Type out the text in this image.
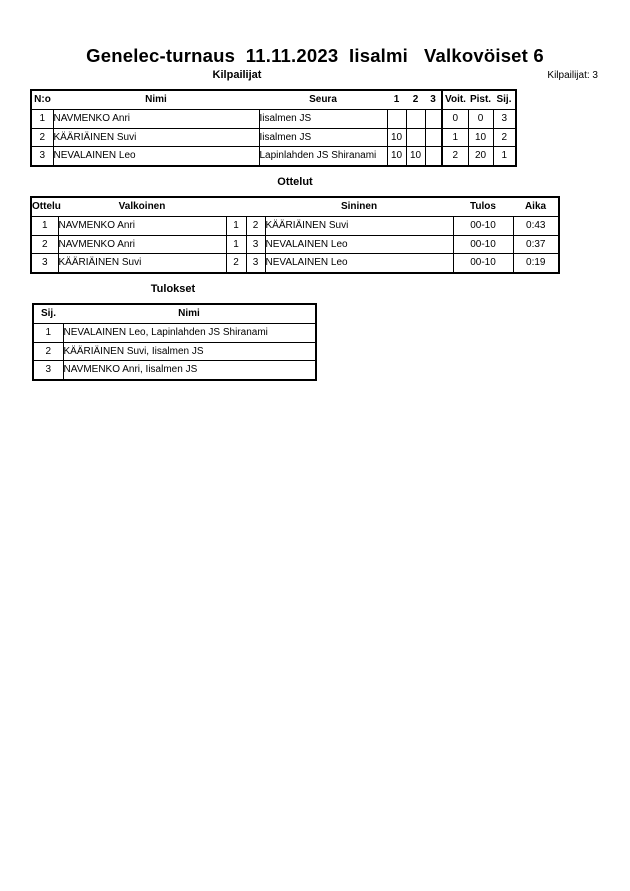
Genelec-turnaus  11.11.2023  Iisalmi   Valkovöiset 6
Kilpailijat	Kilpailijat: 3
N:o	Nimi	Seura	1	2	3	Voit.	Pist.	Sij.
1	NAVMENKO Anri	Iisalmen JS				0	0	3
2	KÄÄRIÄINEN Suvi	Iisalmen JS	10			1	10	2
3	NEVALAINEN Leo	Lapinlahden JS Shiranami	10	10		2	20	1
Ottelut
Ottelu	Valkoinen			Sininen	Tulos	Aika
1	NAVMENKO Anri	1	2	KÄÄRIÄINEN Suvi	00-10	0:43
2	NAVMENKO Anri	1	3	NEVALAINEN Leo	00-10	0:37
3	KÄÄRIÄINEN Suvi	2	3	NEVALAINEN Leo	00-10	0:19
Tulokset
Sij.	Nimi
1	NEVALAINEN Leo, Lapinlahden JS Shiranami
2	KÄÄRIÄINEN Suvi, Iisalmen JS
3	NAVMENKO Anri, Iisalmen JS
